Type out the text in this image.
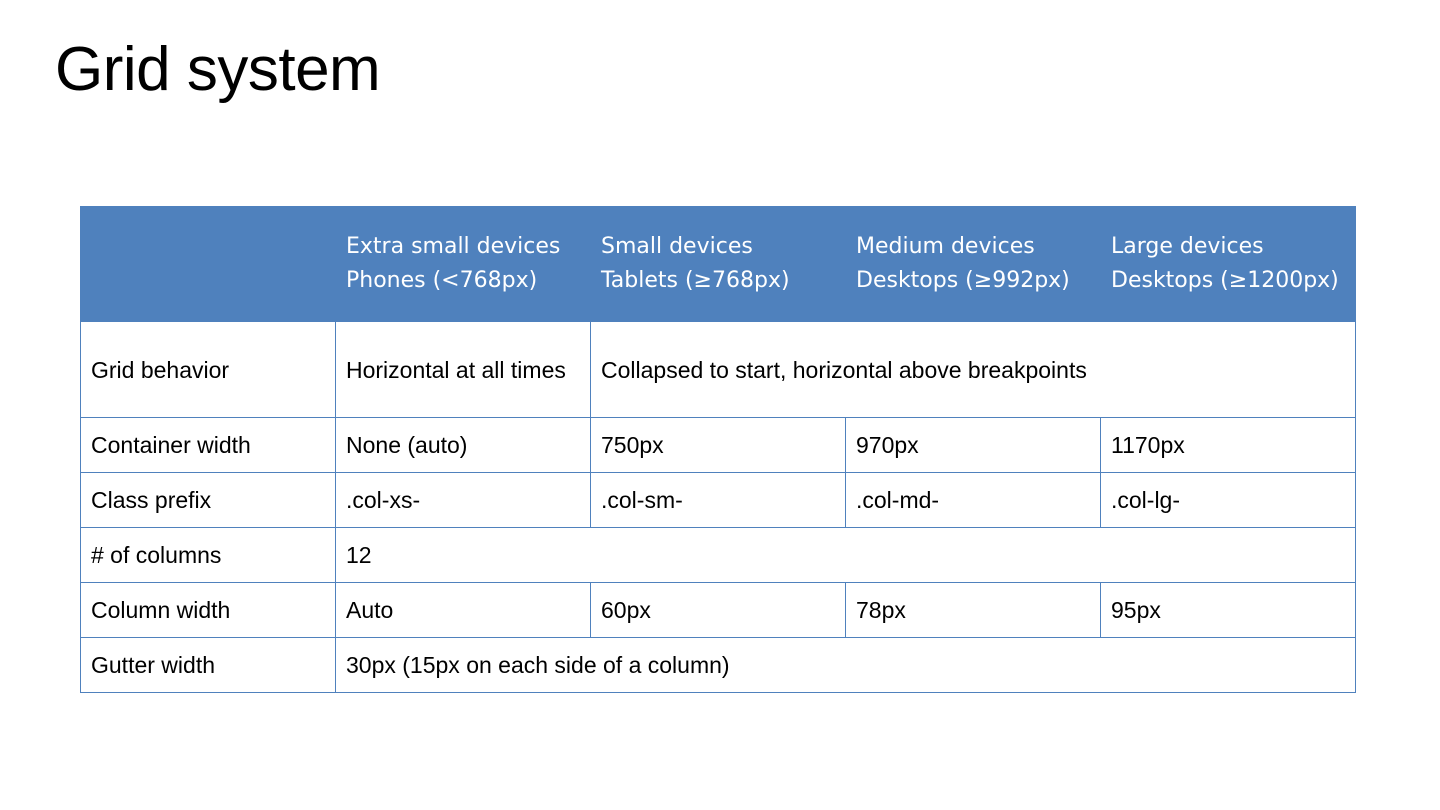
Grid system
	Extra small devices Phones (<768px)	Small devices Tablets (≥768px)	Medium devices Desktops (≥992px)	Large devices Desktops (≥1200px)
Grid behavior	Horizontal at all times	Collapsed to start, horizontal above breakpoints		
Container width	None (auto)	750px	970px	1170px
Class prefix	.col-xs-	.col-sm-	.col-md-	.col-lg-
# of columns	12			
Column width	Auto	60px	78px	95px
Gutter width	30px (15px on each side of a column)			
